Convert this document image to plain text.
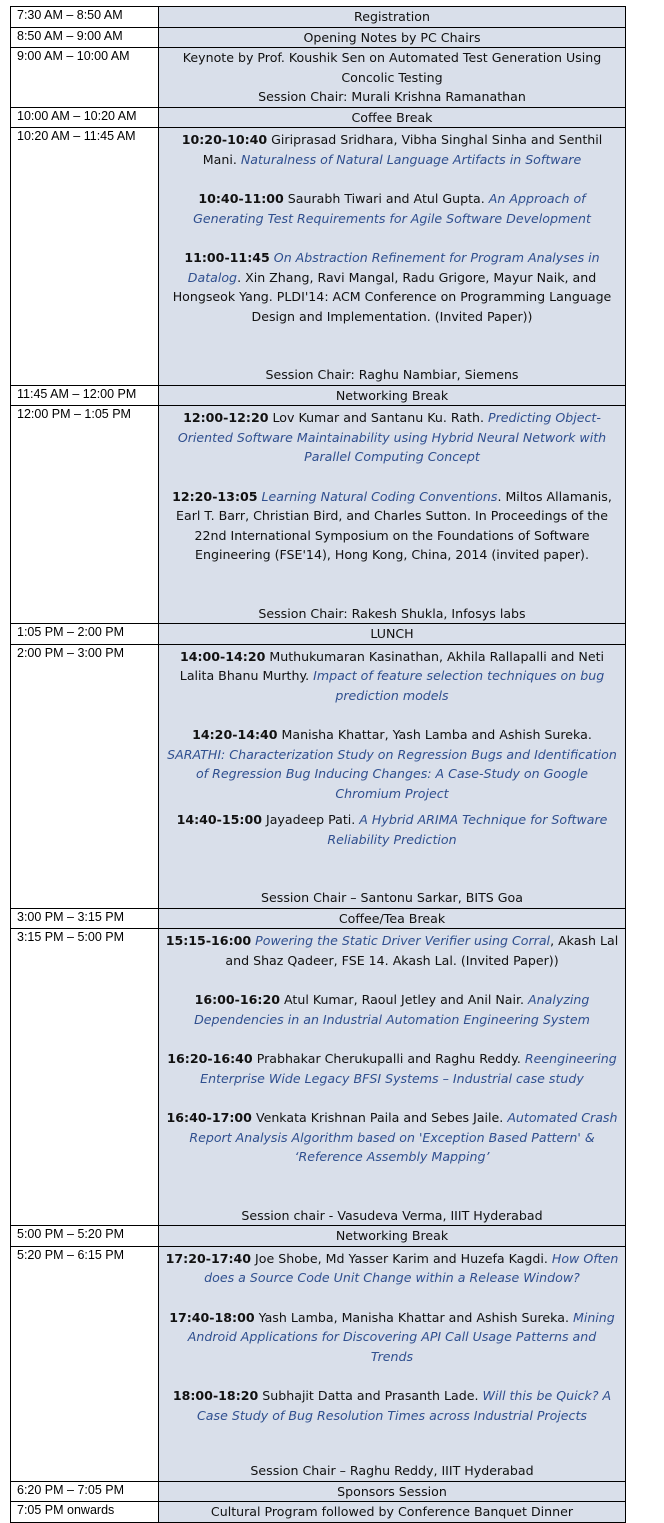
7:30 AM – 8:50 AM	Registration

8:50 AM – 9:00 AM	Opening Notes by PC Chairs

9:00 AM – 10:00 AM	Keynote by Prof. Koushik Sen on Automated Test Generation Using Concolic Testing
Session Chair: Murali Krishna Ramanathan

10:00 AM – 10:20 AM	Coffee Break

10:20 AM – 11:45 AM	10:20-10:40 Giriprasad Sridhara, Vibha Singhal Sinha and Senthil Mani. Naturalness of Natural Language Artifacts in Software

10:40-11:00 Saurabh Tiwari and Atul Gupta. An Approach of Generating Test Requirements for Agile Software Development

11:00-11:45 On Abstraction Refinement for Program Analyses in Datalog. Xin Zhang, Ravi Mangal, Radu Grigore, Mayur Naik, and Hongseok Yang. PLDI'14: ACM Conference on Programming Language Design and Implementation. (Invited Paper))

Session Chair: Raghu Nambiar, Siemens

11:45 AM – 12:00 PM	Networking Break

12:00 PM – 1:05 PM	12:00-12:20 Lov Kumar and Santanu Ku. Rath. Predicting Object-Oriented Software Maintainability using Hybrid Neural Network with Parallel Computing Concept

12:20-13:05 Learning Natural Coding Conventions. Miltos Allamanis, Earl T. Barr, Christian Bird, and Charles Sutton. In Proceedings of the 22nd International Symposium on the Foundations of Software Engineering (FSE'14), Hong Kong, China, 2014 (invited paper).

Session Chair: Rakesh Shukla, Infosys labs

1:05 PM – 2:00 PM	LUNCH

2:00 PM – 3:00 PM	14:00-14:20 Muthukumaran Kasinathan, Akhila Rallapalli and Neti Lalita Bhanu Murthy. Impact of feature selection techniques on bug prediction models

14:20-14:40 Manisha Khattar, Yash Lamba and Ashish Sureka. SARATHI: Characterization Study on Regression Bugs and Identification of Regression Bug Inducing Changes: A Case-Study on Google Chromium Project

14:40-15:00 Jayadeep Pati. A Hybrid ARIMA Technique for Software Reliability Prediction

Session Chair – Santonu Sarkar, BITS Goa

3:00 PM – 3:15 PM	Coffee/Tea Break

3:15 PM – 5:00 PM	15:15-16:00 Powering the Static Driver Verifier using Corral, Akash Lal and Shaz Qadeer, FSE 14. Akash Lal. (Invited Paper))

16:00-16:20 Atul Kumar, Raoul Jetley and Anil Nair. Analyzing Dependencies in an Industrial Automation Engineering System

16:20-16:40 Prabhakar Cherukupalli and Raghu Reddy. Reengineering Enterprise Wide Legacy BFSI Systems – Industrial case study

16:40-17:00 Venkata Krishnan Paila and Sebes Jaile. Automated Crash Report Analysis Algorithm based on 'Exception Based Pattern' & ‘Reference Assembly Mapping’

Session chair - Vasudeva Verma, IIIT Hyderabad

5:00 PM – 5:20 PM	Networking Break

5:20 PM – 6:15 PM	17:20-17:40 Joe Shobe, Md Yasser Karim and Huzefa Kagdi. How Often does a Source Code Unit Change within a Release Window?

17:40-18:00 Yash Lamba, Manisha Khattar and Ashish Sureka. Mining Android Applications for Discovering API Call Usage Patterns and Trends

18:00-18:20 Subhajit Datta and Prasanth Lade. Will this be Quick? A Case Study of Bug Resolution Times across Industrial Projects

Session Chair – Raghu Reddy, IIIT Hyderabad

6:20 PM – 7:05 PM	Sponsors Session

7:05 PM onwards	Cultural Program followed by Conference Banquet Dinner
